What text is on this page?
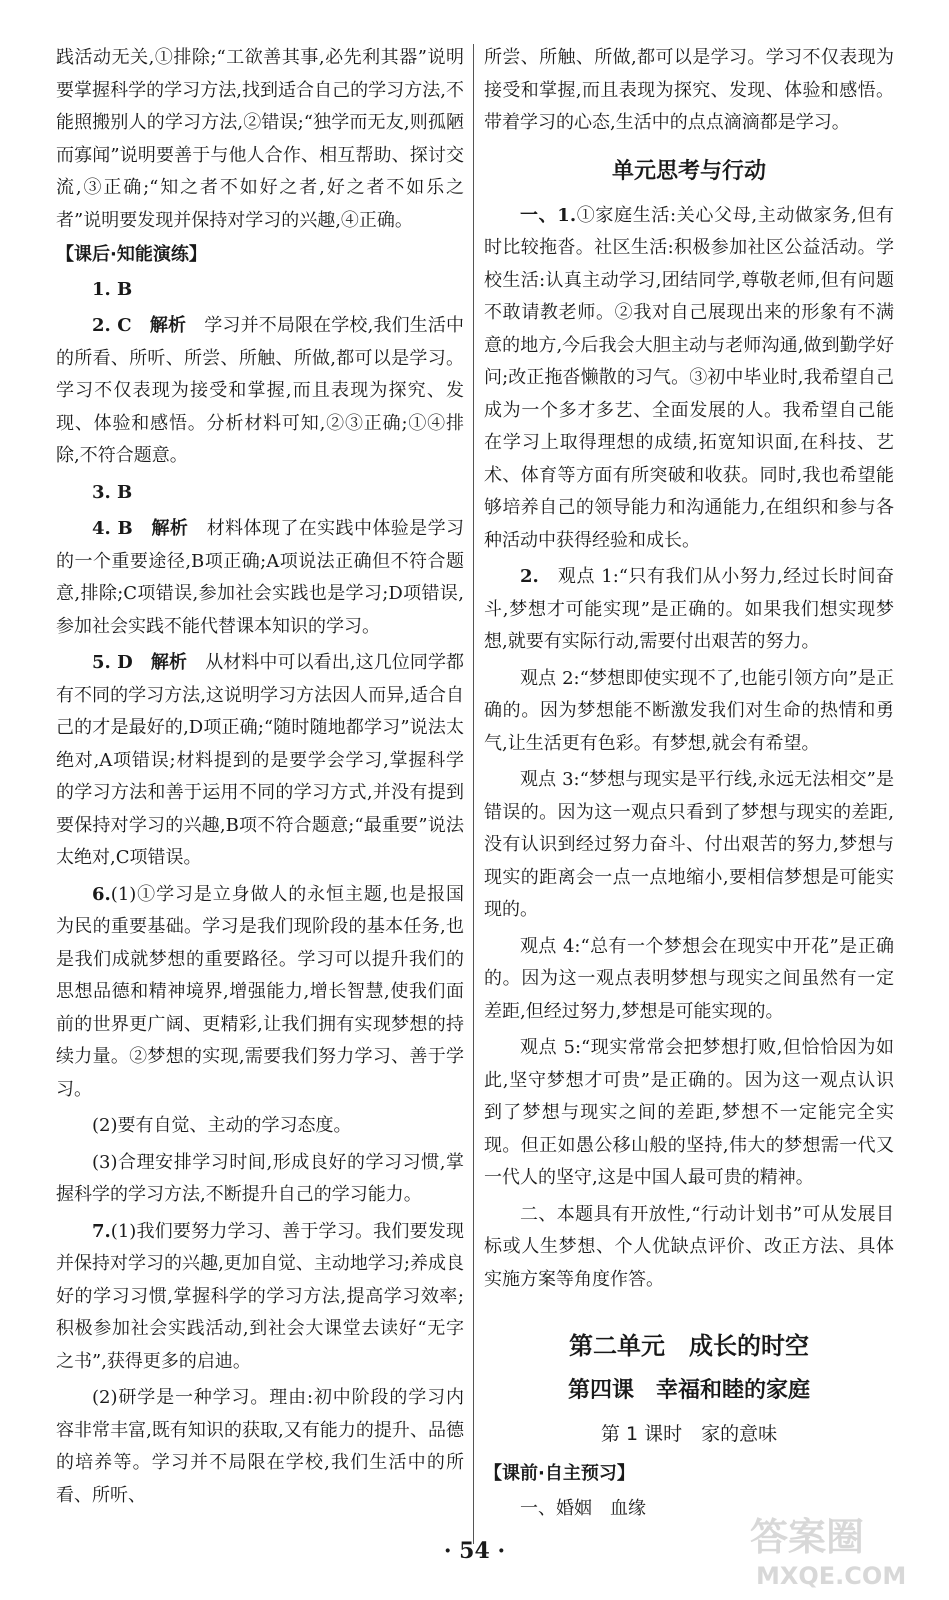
践活动无关,①排除;“工欲善其事,必先利其器”说明要掌握科学的学习方法,找到适合自己的学习方法,不能照搬别人的学习方法,②错误;“独学而无友,则孤陋而寡闻”说明要善于与他人合作、相互帮助、探讨交流,③正确;“知之者不如好之者,好之者不如乐之者”说明要发现并保持对学习的兴趣,④正确。

【课后·知能演练】

1. B

2. C　 解析　 学习并不局限在学校,我们生活中的所看、所听、所尝、所触、所做,都可以是学习。学习不仅表现为接受和掌握,而且表现为探究、发现、体验和感悟。分析材料可知,②③正确;①④排除,不符合题意。

3. B

4. B　 解析　 材料体现了在实践中体验是学习的一个重要途径,B项正确;A项说法正确但不符合题意,排除;C项错误,参加社会实践也是学习;D项错误,参加社会实践不能代替课本知识的学习。

5. D　 解析　 从材料中可以看出,这几位同学都有不同的学习方法,这说明学习方法因人而异,适合自己的才是最好的,D项正确;“随时随地都学习”说法太绝对,A项错误;材料提到的是要学会学习,掌握科学的学习方法和善于运用不同的学习方式,并没有提到要保持对学习的兴趣,B项不符合题意;“最重要”说法太绝对,C项错误。

6.(1)①学习是立身做人的永恒主题,也是报国为民的重要基础。学习是我们现阶段的基本任务,也是我们成就梦想的重要路径。学习可以提升我们的思想品德和精神境界,增强能力,增长智慧,使我们面前的世界更广阔、更精彩,让我们拥有实现梦想的持续力量。②梦想的实现,需要我们努力学习、善于学习。

(2)要有自觉、主动的学习态度。

(3)合理安排学习时间,形成良好的学习习惯,掌握科学的学习方法,不断提升自己的学习能力。

7.(1)我们要努力学习、善于学习。我们要发现并保持对学习的兴趣,更加自觉、主动地学习;养成良好的学习习惯,掌握科学的学习方法,提高学习效率;积极参加社会实践活动,到社会大课堂去读好“无字之书”,获得更多的启迪。

(2)研学是一种学习。理由:初中阶段的学习内容非常丰富,既有知识的获取,又有能力的提升、品德的培养等。学习并不局限在学校,我们生活中的所看、所听、

所尝、所触、所做,都可以是学习。学习不仅表现为接受和掌握,而且表现为探究、发现、体验和感悟。带着学习的心态,生活中的点点滴滴都是学习。

单元思考与行动

一、1.①家庭生活:关心父母,主动做家务,但有时比较拖沓。社区生活:积极参加社区公益活动。学校生活:认真主动学习,团结同学,尊敬老师,但有问题不敢请教老师。②我对自己展现出来的形象有不满意的地方,今后我会大胆主动与老师沟通,做到勤学好问;改正拖沓懒散的习气。③初中毕业时,我希望自己成为一个多才多艺、全面发展的人。我希望自己能在学习上取得理想的成绩,拓宽知识面,在科技、艺术、体育等方面有所突破和收获。同时,我也希望能够培养自己的领导能力和沟通能力,在组织和参与各种活动中获得经验和成长。

2.　 观点 1:“只有我们从小努力,经过长时间奋斗,梦想才可能实现”是正确的。如果我们想实现梦想,就要有实际行动,需要付出艰苦的努力。

观点 2:“梦想即使实现不了,也能引领方向”是正确的。因为梦想能不断激发我们对生命的热情和勇气,让生活更有色彩。有梦想,就会有希望。

观点 3:“梦想与现实是平行线,永远无法相交”是错误的。因为这一观点只看到了梦想与现实的差距,没有认识到经过努力奋斗、付出艰苦的努力,梦想与现实的距离会一点一点地缩小,要相信梦想是可能实现的。

观点 4:“总有一个梦想会在现实中开花”是正确的。因为这一观点表明梦想与现实之间虽然有一定差距,但经过努力,梦想是可能实现的。

观点 5:“现实常常会把梦想打败,但恰恰因为如此,坚守梦想才可贵”是正确的。因为这一观点认识到了梦想与现实之间的差距,梦想不一定能完全实现。但正如愚公移山般的坚持,伟大的梦想需一代又一代人的坚守,这是中国人最可贵的精神。

二、本题具有开放性,“行动计划书”可从发展目标或人生梦想、个人优缺点评价、改正方法、具体实施方案等角度作答。

第二单元　成长的时空
第四课　幸福和睦的家庭
第 1 课时　家的意味
【课前·自主预习】

一、婚姻　血缘

· 54 ·	答案圈
MXQE.COM
